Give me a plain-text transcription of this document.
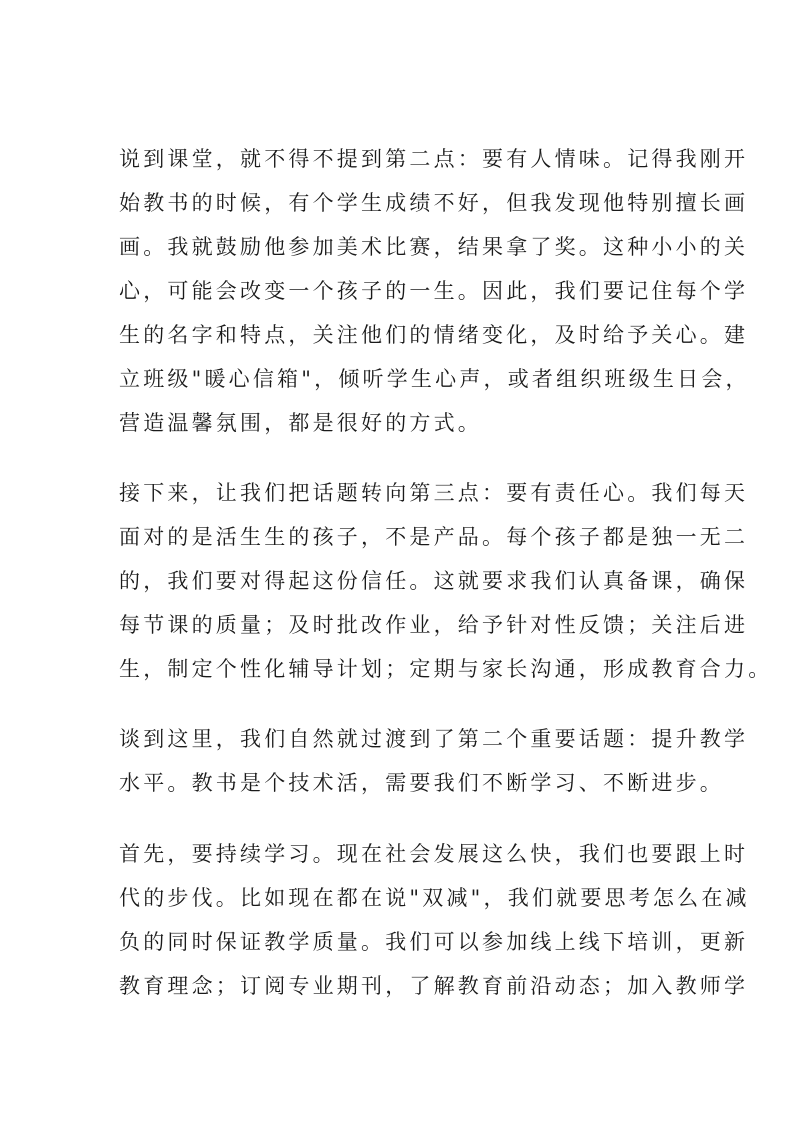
说到课堂，就不得不提到第二点：要有人情味。记得我刚开
始教书的时候，有个学生成绩不好，但我发现他特别擅长画
画。我就鼓励他参加美术比赛，结果拿了奖。这种小小的关
心，可能会改变一个孩子的一生。因此，我们要记住每个学
生的名字和特点，关注他们的情绪变化，及时给予关心。建
立班级"暖心信箱"，倾听学生心声，或者组织班级生日会，
营造温馨氛围，都是很好的方式。
接下来，让我们把话题转向第三点：要有责任心。我们每天
面对的是活生生的孩子，不是产品。每个孩子都是独一无二
的，我们要对得起这份信任。这就要求我们认真备课，确保
每节课的质量；及时批改作业，给予针对性反馈；关注后进
生，制定个性化辅导计划；定期与家长沟通，形成教育合力。
谈到这里，我们自然就过渡到了第二个重要话题：提升教学
水平。教书是个技术活，需要我们不断学习、不断进步。
首先，要持续学习。现在社会发展这么快，我们也要跟上时
代的步伐。比如现在都在说"双减"，我们就要思考怎么在减
负的同时保证教学质量。我们可以参加线上线下培训，更新
教育理念；订阅专业期刊，了解教育前沿动态；加入教师学
